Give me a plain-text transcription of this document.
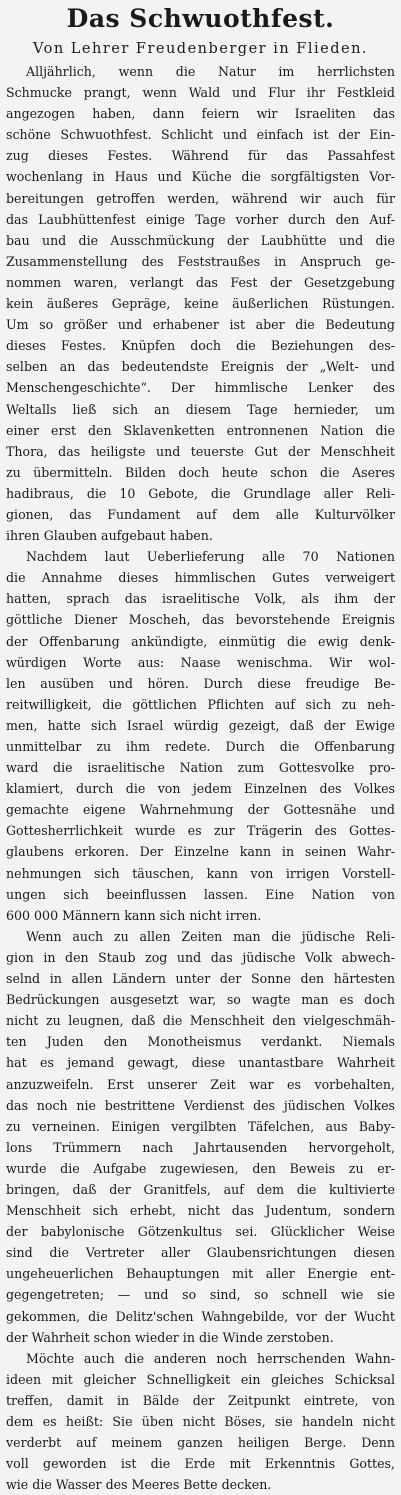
Das Schwuothfest.
Von Lehrer Freudenberger in Flieden.
Alljährlich, wenn die Natur im herrlichsten
Schmucke prangt, wenn Wald und Flur ihr Festkleid
angezogen haben, dann feiern wir Israeliten das
schöne Schwuothfest. Schlicht und einfach ist der Ein-
zug dieses Festes. Während für das Passahfest
wochenlang in Haus und Küche die sorgfältigsten Vor-
bereitungen getroffen werden, während wir auch für
das Laubhüttenfest einige Tage vorher durch den Auf-
bau und die Ausschmückung der Laubhütte und die
Zusammenstellung des Feststraußes in Anspruch ge-
nommen waren, verlangt das Fest der Gesetzgebung
kein äußeres Gepräge, keine äußerlichen Rüstungen.
Um so größer und erhabener ist aber die Bedeutung
dieses Festes. Knüpfen doch die Beziehungen des-
selben an das bedeutendste Ereignis der „Welt- und
Menschengeschichte“. Der himmlische Lenker des
Weltalls ließ sich an diesem Tage hernieder, um
einer erst den Sklavenketten entronnenen Nation die
Thora, das heiligste und teuerste Gut der Menschheit
zu übermitteln. Bilden doch heute schon die Aseres
hadibraus, die 10 Gebote, die Grundlage aller Reli-
gionen, das Fundament auf dem alle Kulturvölker
ihren Glauben aufgebaut haben.
Nachdem laut Ueberlieferung alle 70 Nationen
die Annahme dieses himmlischen Gutes verweigert
hatten, sprach das israelitische Volk, als ihm der
göttliche Diener Moscheh, das bevorstehende Ereignis
der Offenbarung ankündigte, einmütig die ewig denk-
würdigen Worte aus: Naase wenischma. Wir wol-
len ausüben und hören. Durch diese freudige Be-
reitwilligkeit, die göttlichen Pflichten auf sich zu neh-
men, hatte sich Israel würdig gezeigt, daß der Ewige
unmittelbar zu ihm redete. Durch die Offenbarung
ward die israelitische Nation zum Gottesvolke pro-
klamiert, durch die von jedem Einzelnen des Volkes
gemachte eigene Wahrnehmung der Gottesnähe und
Gottesherrlichkeit wurde es zur Trägerin des Gottes-
glaubens erkoren. Der Einzelne kann in seinen Wahr-
nehmungen sich täuschen, kann von irrigen Vorstell-
ungen sich beeinflussen lassen. Eine Nation von
600 000 Männern kann sich nicht irren.
Wenn auch zu allen Zeiten man die jüdische Reli-
gion in den Staub zog und das jüdische Volk abwech-
selnd in allen Ländern unter der Sonne den härtesten
Bedrückungen ausgesetzt war, so wagte man es doch
nicht zu leugnen, daß die Menschheit den vielgeschmäh-
ten Juden den Monotheismus verdankt. Niemals
hat es jemand gewagt, diese unantastbare Wahrheit
anzuzweifeln. Erst unserer Zeit war es vorbehalten,
das noch nie bestrittene Verdienst des jüdischen Volkes
zu verneinen. Einigen vergilbten Täfelchen, aus Baby-
lons Trümmern nach Jahrtausenden hervorgeholt,
wurde die Aufgabe zugewiesen, den Beweis zu er-
bringen, daß der Granitfels, auf dem die kultivierte
Menschheit sich erhebt, nicht das Judentum, sondern
der babylonische Götzenkultus sei. Glücklicher Weise
sind die Vertreter aller Glaubensrichtungen diesen
ungeheuerlichen Behauptungen mit aller Energie ent-
gegengetreten; — und so sind, so schnell wie sie
gekommen, die Delitz'schen Wahngebilde, vor der Wucht
der Wahrheit schon wieder in die Winde zerstoben.
Möchte auch die anderen noch herrschenden Wahn-
ideen mit gleicher Schnelligkeit ein gleiches Schicksal
treffen, damit in Bälde der Zeitpunkt eintrete, von
dem es heißt: Sie üben nicht Böses, sie handeln nicht
verderbt auf meinem ganzen heiligen Berge. Denn
voll geworden ist die Erde mit Erkenntnis Gottes,
wie die Wasser des Meeres Bette decken.
